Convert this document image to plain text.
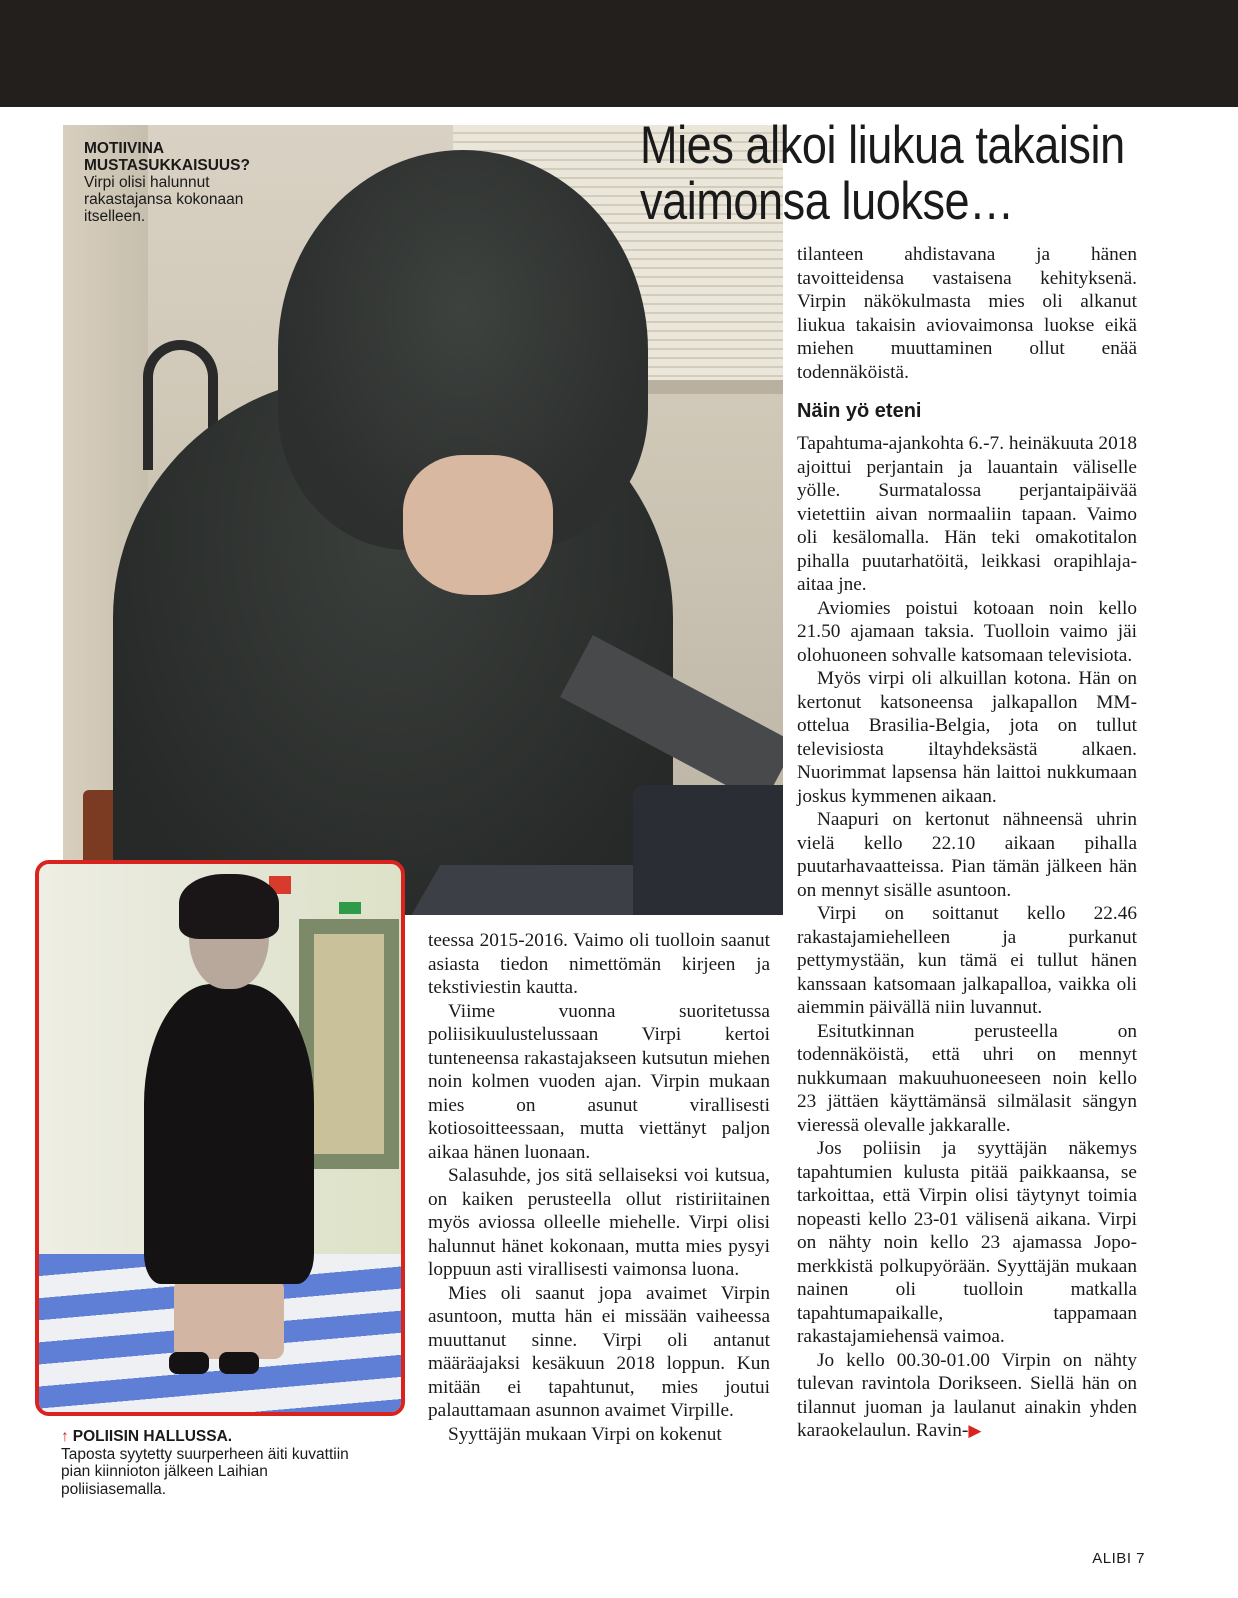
MOTIIVINA MUSTASUKKAISUUS?
Virpi olisi halunnut rakastajansa kokonaan itselleen.
Mies alkoi liukua takaisin vaimonsa luokse…
↑ POLIISIN HALLUSSA.
Taposta syytetty suurperheen äiti kuvattiin pian kiinnioton jälkeen Laihian poliisiasemalla.

teessa 2015-2016. Vaimo oli tuolloin saanut asiasta tiedon nimettömän kirjeen ja tekstiviestin kautta.

Viime vuonna suoritetussa poliisikuulustelussaan Virpi kertoi tunteneensa rakastajakseen kutsutun miehen noin kolmen vuoden ajan. Virpin mukaan mies on asunut virallisesti kotiosoitteessaan, mutta viettänyt paljon aikaa hänen luonaan.

Salasuhde, jos sitä sellaiseksi voi kutsua, on kaiken perusteella ollut ristiriitainen myös aviossa olleelle miehelle. Virpi olisi halunnut hänet kokonaan, mutta mies pysyi loppuun asti virallisesti vaimonsa luona.

Mies oli saanut jopa avaimet Virpin asuntoon, mutta hän ei missään vaiheessa muuttanut sinne. Virpi oli antanut määräajaksi kesäkuun 2018 loppun. Kun mitään ei tapahtunut, mies joutui palauttamaan asunnon avaimet Virpille.

Syyttäjän mukaan Virpi on kokenut

tilanteen ahdistavana ja hänen tavoitteidensa vastaisena kehityksenä. Virpin näkökulmasta mies oli alkanut liukua takaisin aviovaimonsa luokse eikä miehen muuttaminen ollut enää todennäköistä.

Näin yö eteni

Tapahtuma-ajankohta 6.-7. heinäkuuta 2018 ajoittui perjantain ja lauantain väliselle yölle. Surmatalossa perjantaipäivää vietettiin aivan normaaliin tapaan. Vaimo oli kesälomalla. Hän teki omakotitalon pihalla puutarhatöitä, leikkasi orapihlaja-aitaa jne.

Aviomies poistui kotoaan noin kello 21.50 ajamaan taksia. Tuolloin vaimo jäi olohuoneen sohvalle katsomaan televisiota.

Myös virpi oli alkuillan kotona. Hän on kertonut katsoneensa jalkapallon MM-ottelua Brasilia-Belgia, jota on tullut televisiosta iltayhdeksästä alkaen. Nuorimmat lapsensa hän laittoi nukkumaan joskus kymmenen aikaan.

Naapuri on kertonut nähneensä uhrin vielä kello 22.10 aikaan pihalla puutarhavaatteissa. Pian tämän jälkeen hän on mennyt sisälle asuntoon.

Virpi on soittanut kello 22.46 rakastajamiehelleen ja purkanut pettymystään, kun tämä ei tullut hänen kanssaan katsomaan jalkapalloa, vaikka oli aiemmin päivällä niin luvannut.

Esitutkinnan perusteella on todennäköistä, että uhri on mennyt nukkumaan makuuhuoneeseen noin kello 23 jättäen käyttämänsä silmälasit sängyn vieressä olevalle jakkaralle.

Jos poliisin ja syyttäjän näkemys tapahtumien kulusta pitää paikkaansa, se tarkoittaa, että Virpin olisi täytynyt toimia nopeasti kello 23-01 välisenä aikana. Virpi on nähty noin kello 23 ajamassa Jopo-merkkistä polkupyörään. Syyttäjän mukaan nainen oli tuolloin matkalla tapahtumapaikalle, tappamaan rakastajamiehensä vaimoa.

Jo kello 00.30-01.00 Virpin on nähty tulevan ravintola Dorikseen. Siellä hän on tilannut juoman ja laulanut ainakin yhden karaokelaulun. Ravin-▶

ALIBI 7
